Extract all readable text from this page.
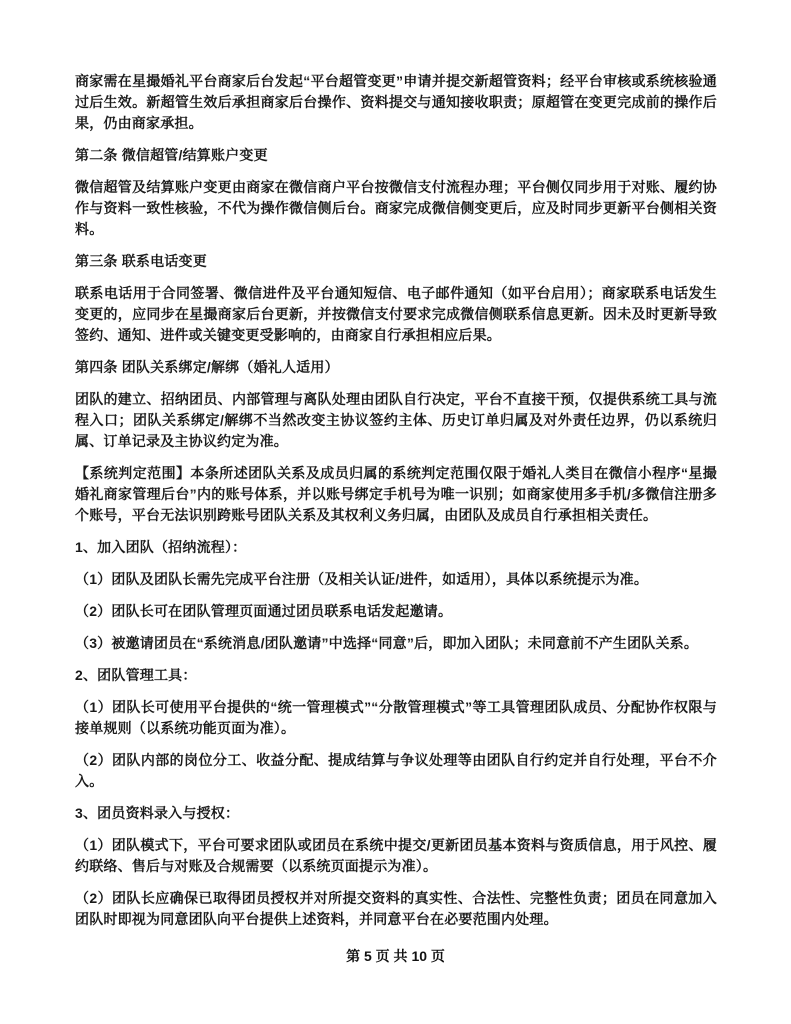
商家需在星撮婚礼平台商家后台发起“平台超管变更”申请并提交新超管资料；经平台审核或系统核验通过后生效。新超管生效后承担商家后台操作、资料提交与通知接收职责；原超管在变更完成前的操作后果，仍由商家承担。

第二条 微信超管/结算账户变更

微信超管及结算账户变更由商家在微信商户平台按微信支付流程办理；平台侧仅同步用于对账、履约协作与资料一致性核验，不代为操作微信侧后台。商家完成微信侧变更后，应及时同步更新平台侧相关资料。

第三条 联系电话变更

联系电话用于合同签署、微信进件及平台通知短信、电子邮件通知（如平台启用）；商家联系电话发生变更的，应同步在星撮商家后台更新，并按微信支付要求完成微信侧联系信息更新。因未及时更新导致签约、通知、进件或关键变更受影响的，由商家自行承担相应后果。

第四条 团队关系绑定/解绑（婚礼人适用）

团队的建立、招纳团员、内部管理与离队处理由团队自行决定，平台不直接干预，仅提供系统工具与流程入口；团队关系绑定/解绑不当然改变主协议签约主体、历史订单归属及对外责任边界，仍以系统归属、订单记录及主协议约定为准。

【系统判定范围】本条所述团队关系及成员归属的系统判定范围仅限于婚礼人类目在微信小程序“星撮婚礼商家管理后台”内的账号体系，并以账号绑定手机号为唯一识别；如商家使用多手机/多微信注册多个账号，平台无法识别跨账号团队关系及其权利义务归属，由团队及成员自行承担相关责任。

1、加入团队（招纳流程）：

（1）团队及团队长需先完成平台注册（及相关认证/进件，如适用），具体以系统提示为准。

（2）团队长可在团队管理页面通过团员联系电话发起邀请。

（3）被邀请团员在“系统消息/团队邀请”中选择“同意”后，即加入团队；未同意前不产生团队关系。

2、团队管理工具：

（1）团队长可使用平台提供的“统一管理模式”“分散管理模式”等工具管理团队成员、分配协作权限与接单规则（以系统功能页面为准）。

（2）团队内部的岗位分工、收益分配、提成结算与争议处理等由团队自行约定并自行处理，平台不介入。

3、团员资料录入与授权：

（1）团队模式下，平台可要求团队或团员在系统中提交/更新团员基本资料与资质信息，用于风控、履约联络、售后与对账及合规需要（以系统页面提示为准）。

（2）团队长应确保已取得团员授权并对所提交资料的真实性、合法性、完整性负责；团员在同意加入团队时即视为同意团队向平台提供上述资料，并同意平台在必要范围内处理。

第 5 页 共 10 页
